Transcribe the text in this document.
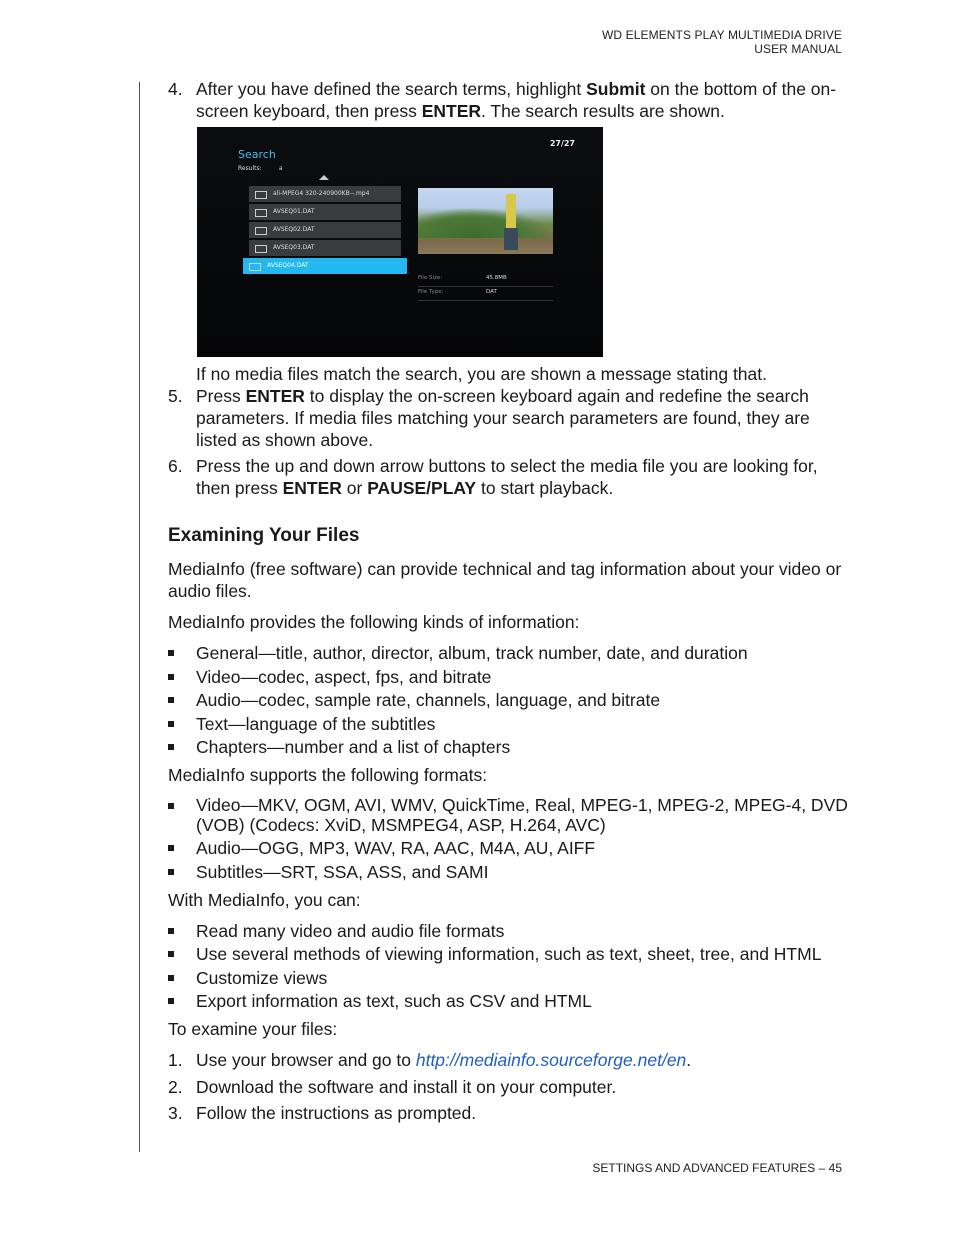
WD ELEMENTS PLAY MULTIMEDIA DRIVE
USER MANUAL
4. After you have defined the search terms, highlight Submit on the bottom of the on-screen keyboard, then press ENTER. The search results are shown.
If no media files match the search, you are shown a message stating that.
5. Press ENTER to display the on-screen keyboard again and redefine the search parameters. If media files matching your search parameters are found, they are listed as shown above.
6. Press the up and down arrow buttons to select the media file you are looking for, then press ENTER or PAUSE/PLAY to start playback.
Examining Your Files
MediaInfo (free software) can provide technical and tag information about your video or audio files.
MediaInfo provides the following kinds of information:
General—title, author, director, album, track number, date, and duration
Video—codec, aspect, fps, and bitrate
Audio—codec, sample rate, channels, language, and bitrate
Text—language of the subtitles
Chapters—number and a list of chapters
MediaInfo supports the following formats:
Video—MKV, OGM, AVI, WMV, QuickTime, Real, MPEG-1, MPEG-2, MPEG-4, DVD (VOB) (Codecs: XviD, MSMPEG4, ASP, H.264, AVC)
Audio—OGG, MP3, WAV, RA, AAC, M4A, AU, AIFF
Subtitles—SRT, SSA, ASS, and SAMI
With MediaInfo, you can:
Read many video and audio file formats
Use several methods of viewing information, such as text, sheet, tree, and HTML
Customize views
Export information as text, such as CSV and HTML
To examine your files:
1. Use your browser and go to http://mediainfo.sourceforge.net/en.
2. Download the software and install it on your computer.
3. Follow the instructions as prompted.
Search
Results:	a
27/27
ali-MPEG4 320-240900KB--.mp4
AVSEQ01.DAT
AVSEQ02.DAT
AVSEQ03.DAT
AVSEQ04.DAT
File Size:	45.8MB
File Type:	DAT
SETTINGS AND ADVANCED FEATURES – 45
